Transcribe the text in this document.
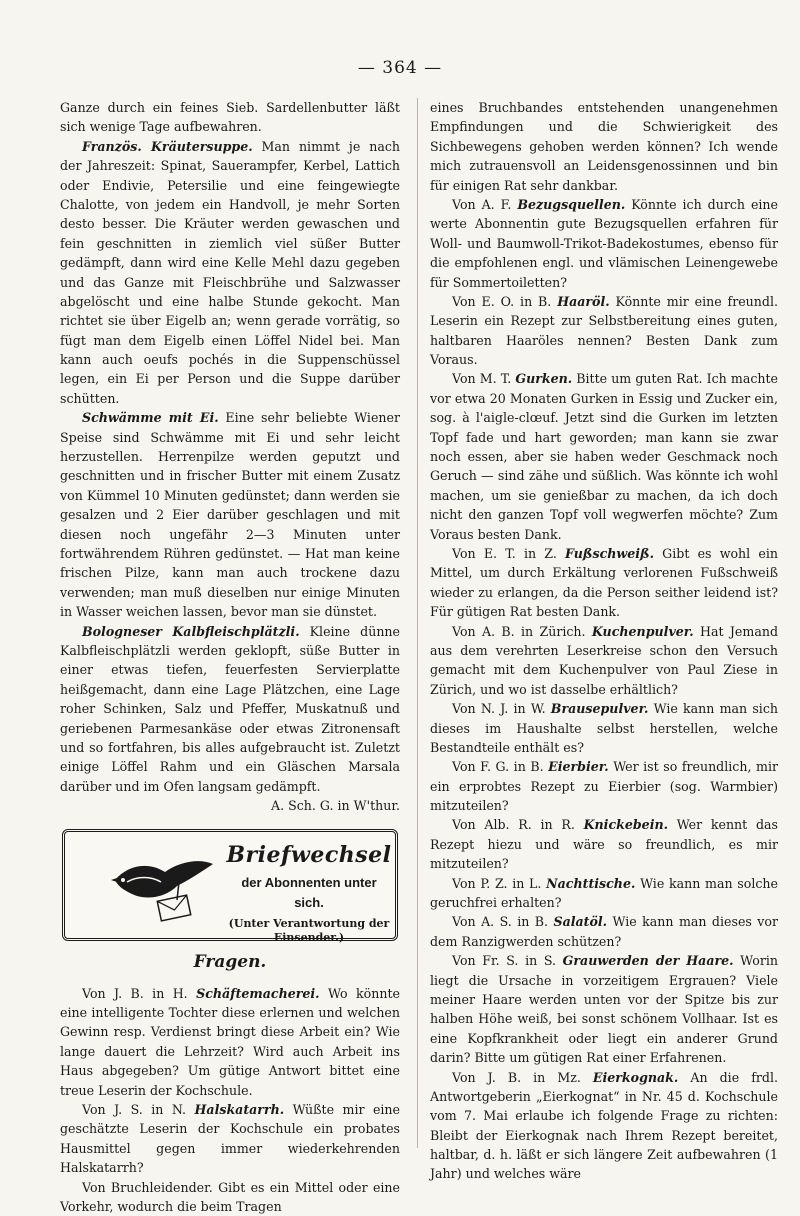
— 364 —

Ganze durch ein feines Sieb. Sardellenbutter läßt sich wenige Tage aufbewahren.

Französ. Kräutersuppe. Man nimmt je nach der Jahreszeit: Spinat, Sauerampfer, Kerbel, Lattich oder Endivie, Petersilie und eine feingewiegte Chalotte, von jedem ein Handvoll, je mehr Sorten desto besser. Die Kräuter werden gewaschen und fein geschnitten in ziemlich viel süßer Butter gedämpft, dann wird eine Kelle Mehl dazu gegeben und das Ganze mit Fleischbrühe und Salzwasser abgelöscht und eine halbe Stunde gekocht. Man richtet sie über Eigelb an; wenn gerade vorrätig, so fügt man dem Eigelb einen Löffel Nidel bei. Man kann auch oeufs pochés in die Suppenschüssel legen, ein Ei per Person und die Suppe darüber schütten.

Schwämme mit Ei. Eine sehr beliebte Wiener Speise sind Schwämme mit Ei und sehr leicht herzustellen. Herrenpilze werden geputzt und geschnitten und in frischer Butter mit einem Zusatz von Kümmel 10 Minuten gedünstet; dann werden sie gesalzen und 2 Eier darüber geschlagen und mit diesen noch ungefähr 2—3 Minuten unter fortwährendem Rühren gedünstet. — Hat man keine frischen Pilze, kann man auch trockene dazu verwenden; man muß dieselben nur einige Minuten in Wasser weichen lassen, bevor man sie dünstet.

Bologneser Kalbfleischplätzli. Kleine dünne Kalbfleischplätzli werden geklopft, süße Butter in einer etwas tiefen, feuerfesten Servierplatte heißgemacht, dann eine Lage Plätzchen, eine Lage roher Schinken, Salz und Pfeffer, Muskatnuß und geriebenen Parmesankäse oder etwas Zitronensaft und so fortfahren, bis alles aufgebraucht ist. Zuletzt einige Löffel Rahm und ein Gläschen Marsala darüber und im Ofen langsam gedämpft.

A. Sch. G. in W'thur.

Briefwechsel
der Abonnenten unter sich.
(Unter Verantwortung der Einsender.)
Fragen.

Von J. B. in H. Schäftemacherei. Wo könnte eine intelligente Tochter diese erlernen und welchen Gewinn resp. Verdienst bringt diese Arbeit ein? Wie lange dauert die Lehrzeit? Wird auch Arbeit ins Haus abgegeben? Um gütige Antwort bittet eine treue Leserin der Kochschule.

Von J. S. in N. Halskatarrh. Wüßte mir eine geschätzte Leserin der Kochschule ein probates Hausmittel gegen immer wiederkehrenden Halskatarrh?

Von Bruchleidender. Gibt es ein Mittel oder eine Vorkehr, wodurch die beim Tragen

eines Bruchbandes entstehenden unangenehmen Empfindungen und die Schwierigkeit des Sichbewegens gehoben werden können? Ich wende mich zutrauensvoll an Leidensgenossinnen und bin für einigen Rat sehr dankbar.

Von A. F. Bezugsquellen. Könnte ich durch eine werte Abonnentin gute Bezugsquellen erfahren für Woll- und Baumwoll-Trikot-Badekostumes, ebenso für die empfohlenen engl. und vlämischen Leinengewebe für Sommertoiletten?

Von E. O. in B. Haaröl. Könnte mir eine freundl. Leserin ein Rezept zur Selbstbereitung eines guten, haltbaren Haaröles nennen? Besten Dank zum Voraus.

Von M. T. Gurken. Bitte um guten Rat. Ich machte vor etwa 20 Monaten Gurken in Essig und Zucker ein, sog. à l'aigle-clœuf. Jetzt sind die Gurken im letzten Topf fade und hart geworden; man kann sie zwar noch essen, aber sie haben weder Geschmack noch Geruch — sind zähe und süßlich. Was könnte ich wohl machen, um sie genießbar zu machen, da ich doch nicht den ganzen Topf voll wegwerfen möchte? Zum Voraus besten Dank.

Von E. T. in Z. Fußschweiß. Gibt es wohl ein Mittel, um durch Erkältung verlorenen Fußschweiß wieder zu erlangen, da die Person seither leidend ist? Für gütigen Rat besten Dank.

Von A. B. in Zürich. Kuchenpulver. Hat Jemand aus dem verehrten Leserkreise schon den Versuch gemacht mit dem Kuchenpulver von Paul Ziese in Zürich, und wo ist dasselbe erhältlich?

Von N. J. in W. Brausepulver. Wie kann man sich dieses im Haushalte selbst herstellen, welche Bestandteile enthält es?

Von F. G. in B. Eierbier. Wer ist so freundlich, mir ein erprobtes Rezept zu Eierbier (sog. Warmbier) mitzuteilen?

Von Alb. R. in R. Knickebein. Wer kennt das Rezept hiezu und wäre so freundlich, es mir mitzuteilen?

Von P. Z. in L. Nachttische. Wie kann man solche geruchfrei erhalten?

Von A. S. in B. Salatöl. Wie kann man dieses vor dem Ranzigwerden schützen?

Von Fr. S. in S. Grauwerden der Haare. Worin liegt die Ursache in vorzeitigem Ergrauen? Viele meiner Haare werden unten vor der Spitze bis zur halben Höhe weiß, bei sonst schönem Vollhaar. Ist es eine Kopfkrankheit oder liegt ein anderer Grund darin? Bitte um gütigen Rat einer Erfahrenen.

Von J. B. in Mz. Eierkognak. An die frdl. Antwortgeberin „Eierkognat“ in Nr. 45 d. Kochschule vom 7. Mai erlaube ich folgende Frage zu richten: Bleibt der Eierkognak nach Ihrem Rezept bereitet, haltbar, d. h. läßt er sich längere Zeit aufbewahren (1 Jahr) und welches wäre
